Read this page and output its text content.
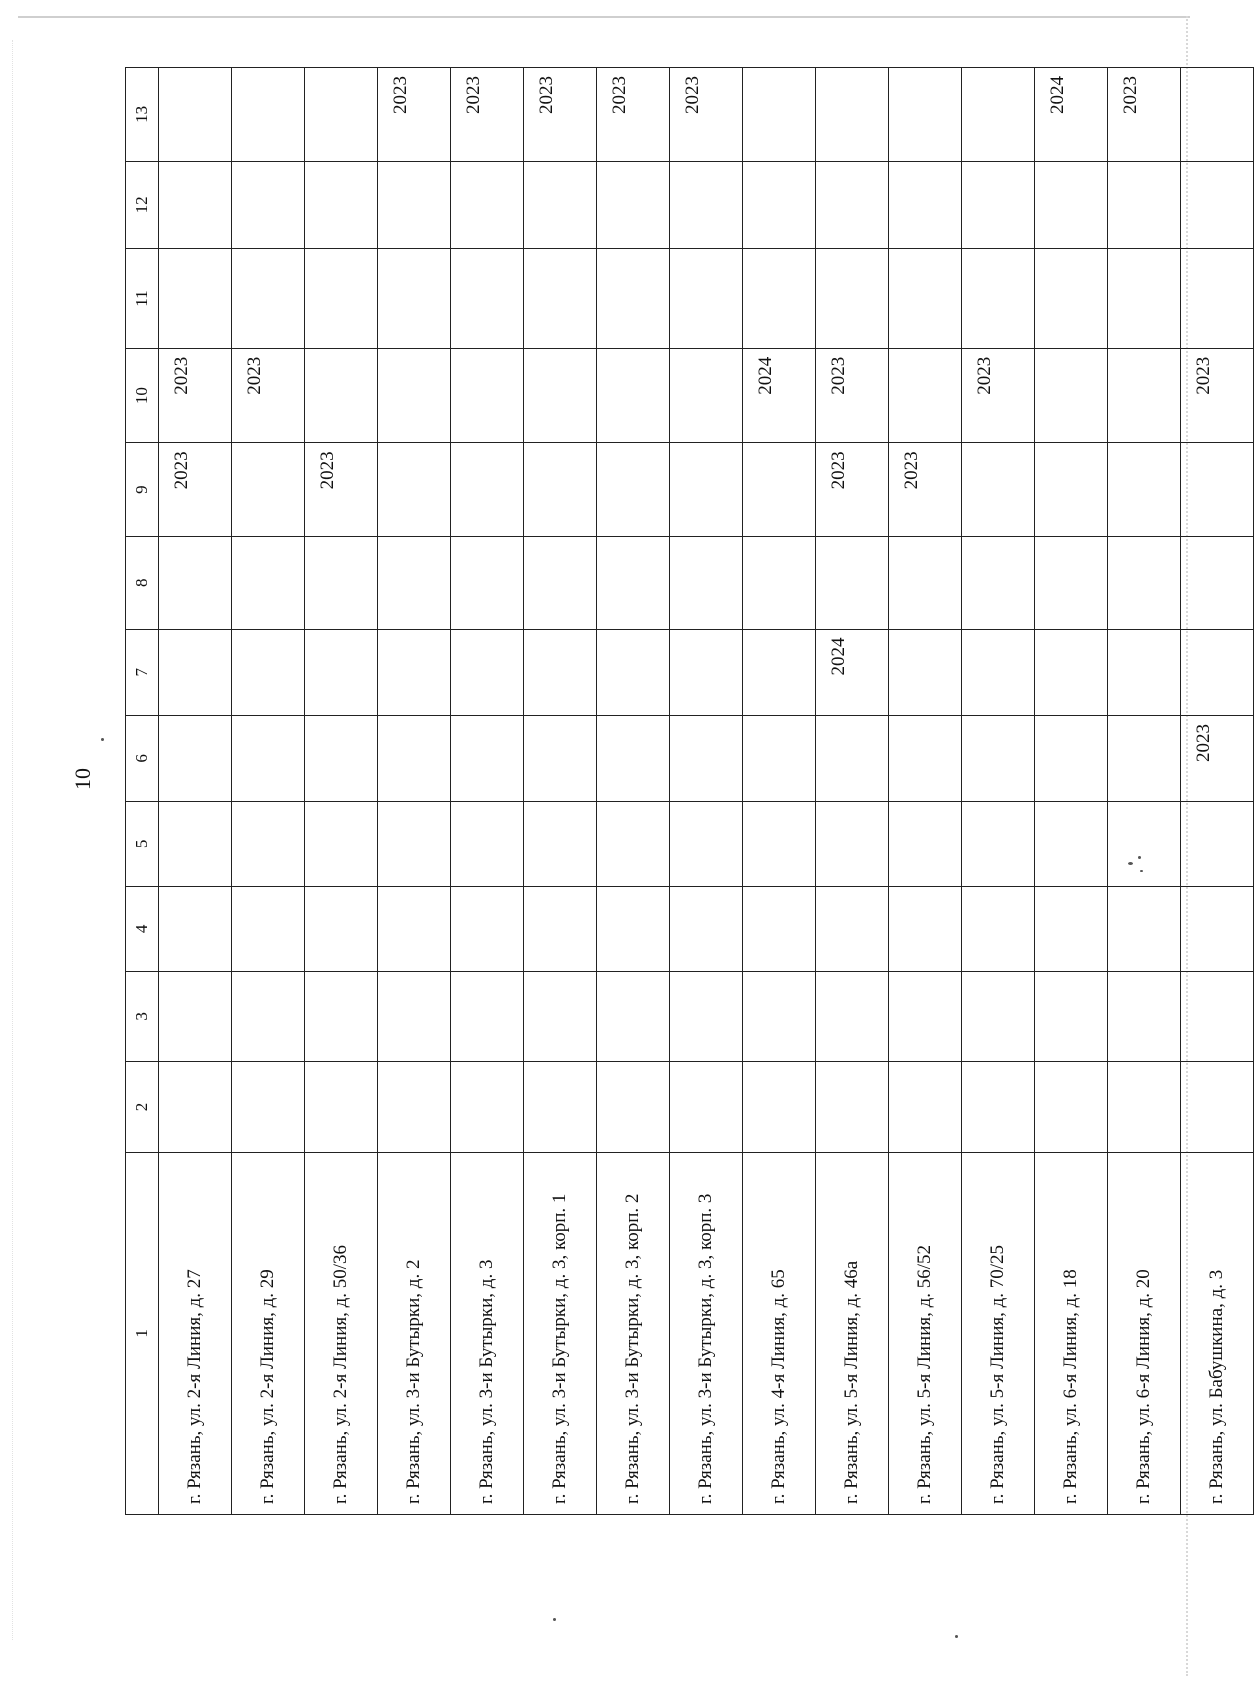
10
1	2	3	4	5	6	7	8	9	10	11	12	13
г. Рязань, ул. 2-я Линия, д. 27								2023	2023			
г. Рязань, ул. 2-я Линия, д. 29									2023			
г. Рязань, ул. 2-я Линия, д. 50/36								2023				
г. Рязань, ул. 3-и Бутырки, д. 2												2023
г. Рязань, ул. 3-и Бутырки, д. 3												2023
г. Рязань, ул. 3-и Бутырки, д. 3, корп. 1												2023
г. Рязань, ул. 3-и Бутырки, д. 3, корп. 2												2023
г. Рязань, ул. 3-и Бутырки, д. 3, корп. 3												2023
г. Рязань, ул. 4-я Линия, д. 65									2024			
г. Рязань, ул. 5-я Линия, д. 46а						2024		2023	2023			
г. Рязань, ул. 5-я Линия, д. 56/52								2023				
г. Рязань, ул. 5-я Линия, д. 70/25									2023			
г. Рязань, ул. 6-я Линия, д. 18												2024
г. Рязань, ул. 6-я Линия, д. 20												2023
г. Рязань, ул. Бабушкина, д. 3					2023				2023			
